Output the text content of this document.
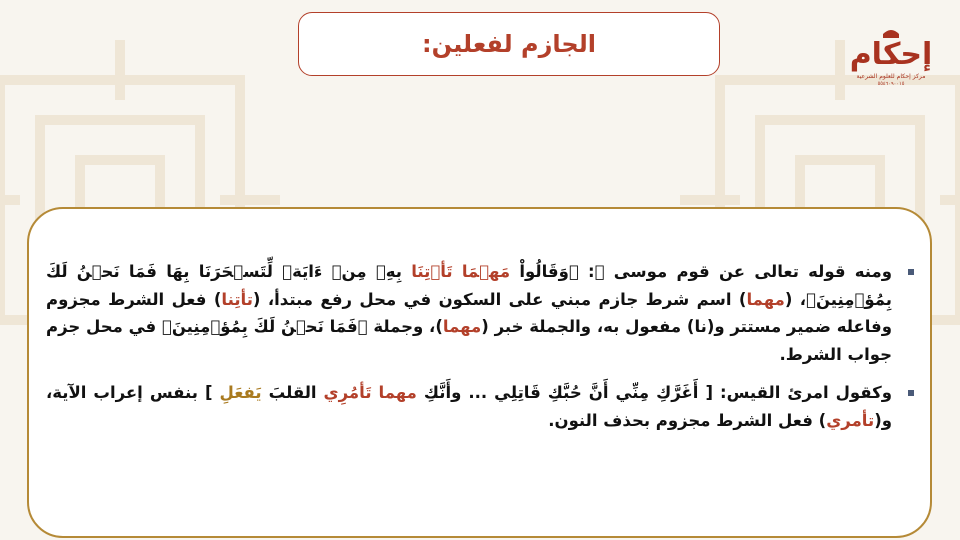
الجازم لفعلين:	إحكام
مركز إحكام للعلوم الشرعية
٥٥٤٦٠٩٠٠١٥
ومنه قوله تعالى عن قوم موسى ﷺ: ﴿وَقَالُواْ مَهۡمَا تَأۡتِنَا بِهِۦ مِنۡ ءَايَةٖ لِّتَسۡحَرَنَا بِهَا فَمَا نَحۡنُ لَكَ بِمُؤۡمِنِينَ﴾، (مهما) اسم شرط جازم مبني على السكون في محل رفع مبتدأ، (تأتِنا) فعل الشرط مجزوم وفاعله ضمير مستتر و(نا) مفعول به، والجملة خبر (مهما)، وجملة ﴿فَمَا نَحۡنُ لَكَ بِمُؤۡمِنِينَ﴾ في محل جزم جواب الشرط.
وكقول امرئ القيس: [ أَغَرَّكِ مِنِّي أَنَّ حُبَّكِ قَاتِلِي ... وأَنَّكِ مهما تَأمُرِي القلبَ يَفعَلِ ] بنفس إعراب الآية، و(تأمري) فعل الشرط مجزوم بحذف النون.
